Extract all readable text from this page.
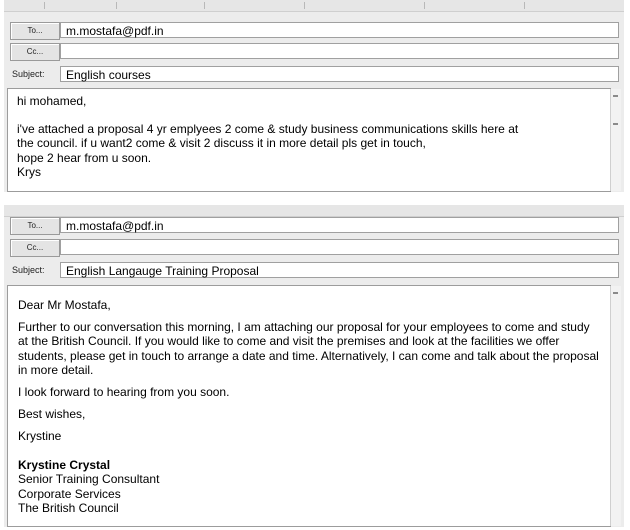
To...	m.mostafa@pdf.in
Cc...
Subject:	English courses
hi mohamed,
i've attached a proposal 4 yr emplyees 2 come & study business communications skills here at
the council. if u want2 come & visit 2 discuss it in more detail pls get in touch,
hope 2 hear from u soon.
Krys
To...	m.mostafa@pdf.in
Cc...
Subject:	English Langauge Training Proposal
Dear Mr Mostafa,
Further to our conversation this morning, I am attaching our proposal for your employees to come and study
at the British Council. If you would like to come and visit the premises and look at the facilities we offer
students, please get in touch to arrange a date and time. Alternatively, I can come and talk about the proposal
in more detail.
I look forward to hearing from you soon.
Best wishes,
Krystine
Krystine Crystal
Senior Training Consultant
Corporate Services
The British Council
